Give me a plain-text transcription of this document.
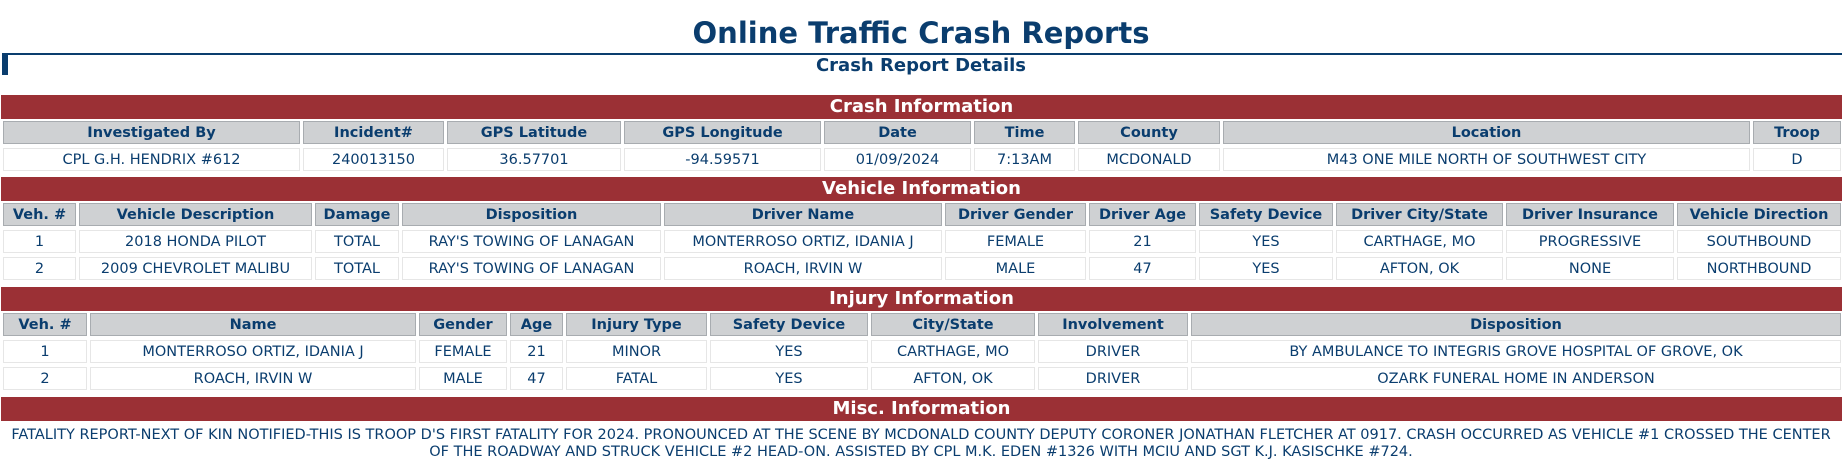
Online Traffic Crash Reports
Crash Report Details
Crash Information
Investigated By	Incident#	GPS Latitude	GPS Longitude	Date	Time	County	Location	Troop
CPL G.H. HENDRIX #612	240013150	36.57701	-94.59571	01/09/2024	7:13AM	MCDONALD	M43 ONE MILE NORTH OF SOUTHWEST CITY	D
Vehicle Information
Veh. #	Vehicle Description	Damage	Disposition	Driver Name	Driver Gender	Driver Age	Safety Device	Driver City/State	Driver Insurance	Vehicle Direction
1	2018 HONDA PILOT	TOTAL	RAY'S TOWING OF LANAGAN	MONTERROSO ORTIZ, IDANIA J	FEMALE	21	YES	CARTHAGE, MO	PROGRESSIVE	SOUTHBOUND
2	2009 CHEVROLET MALIBU	TOTAL	RAY'S TOWING OF LANAGAN	ROACH, IRVIN W	MALE	47	YES	AFTON, OK	NONE	NORTHBOUND
Injury Information
Veh. #	Name	Gender	Age	Injury Type	Safety Device	City/State	Involvement	Disposition
1	MONTERROSO ORTIZ, IDANIA J	FEMALE	21	MINOR	YES	CARTHAGE, MO	DRIVER	BY AMBULANCE TO INTEGRIS GROVE HOSPITAL OF GROVE, OK
2	ROACH, IRVIN W	MALE	47	FATAL	YES	AFTON, OK	DRIVER	OZARK FUNERAL HOME IN ANDERSON
Misc. Information
FATALITY REPORT-NEXT OF KIN NOTIFIED-THIS IS TROOP D'S FIRST FATALITY FOR 2024. PRONOUNCED AT THE SCENE BY MCDONALD COUNTY DEPUTY CORONER JONATHAN FLETCHER AT 0917. CRASH OCCURRED AS VEHICLE #1 CROSSED THE CENTER OF THE ROADWAY AND STRUCK VEHICLE #2 HEAD-ON. ASSISTED BY CPL M.K. EDEN #1326 WITH MCIU AND SGT K.J. KASISCHKE #724.
